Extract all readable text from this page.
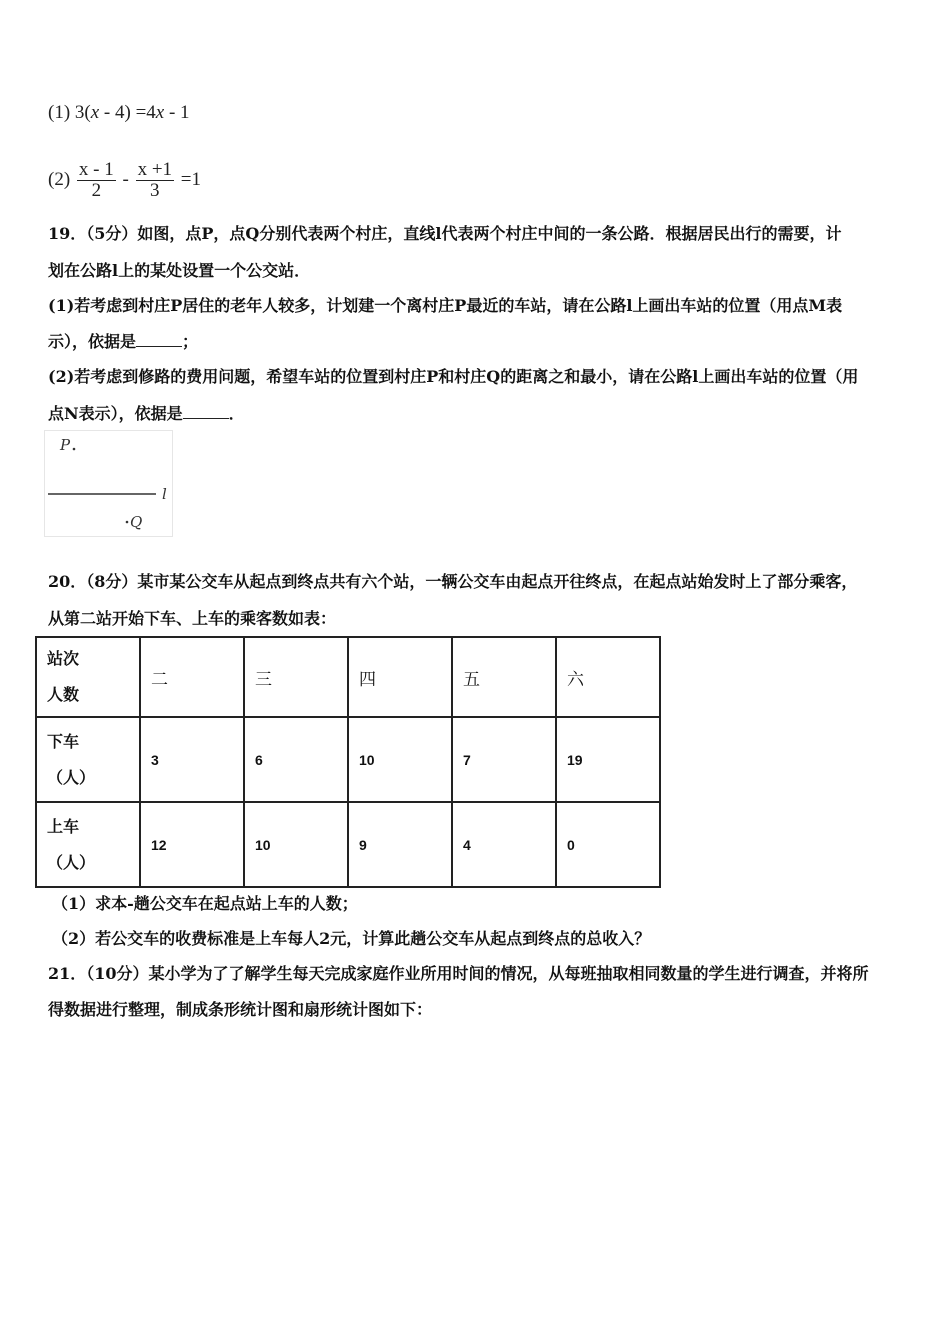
(1) 3(x - 4) =4x - 1
$(2) \frac{x - 1}{2} - \frac{x +1}{3} =1$
19．（5分）如图，点P，点Q分别代表两个村庄，直线l代表两个村庄中间的一条公路．根据居民出行的需要，计
划在公路l上的某处设置一个公交站．
(1)若考虑到村庄P居住的老年人较多，计划建一个离村庄P最近的车站，请在公路l上画出车站的位置（用点M表
示），依据是	；
(2)若考虑到修路的费用问题，希望车站的位置到村庄P和村庄Q的距离之和最小，请在公路l上画出车站的位置（用
点N表示），依据是	．
P
l
Q
20．（8分）某市某公交车从起点到终点共有六个站，一辆公交车由起点开往终点，在起点站始发时上了部分乘客，
从第二站开始下车、上车的乘客数如表：
站次
人数	二	三	四	五	六

下车
（人）	3	6	10	7	19

上车
（人）	12	10	9	4	0
（1）求本-趟公交车在起点站上车的人数；
（2）若公交车的收费标准是上车每人2元，计算此趟公交车从起点到终点的总收入？
21．（10分）某小学为了了解学生每天完成家庭作业所用时间的情况，从每班抽取相同数量的学生进行调查，并将所
得数据进行整理，制成条形统计图和扇形统计图如下：
